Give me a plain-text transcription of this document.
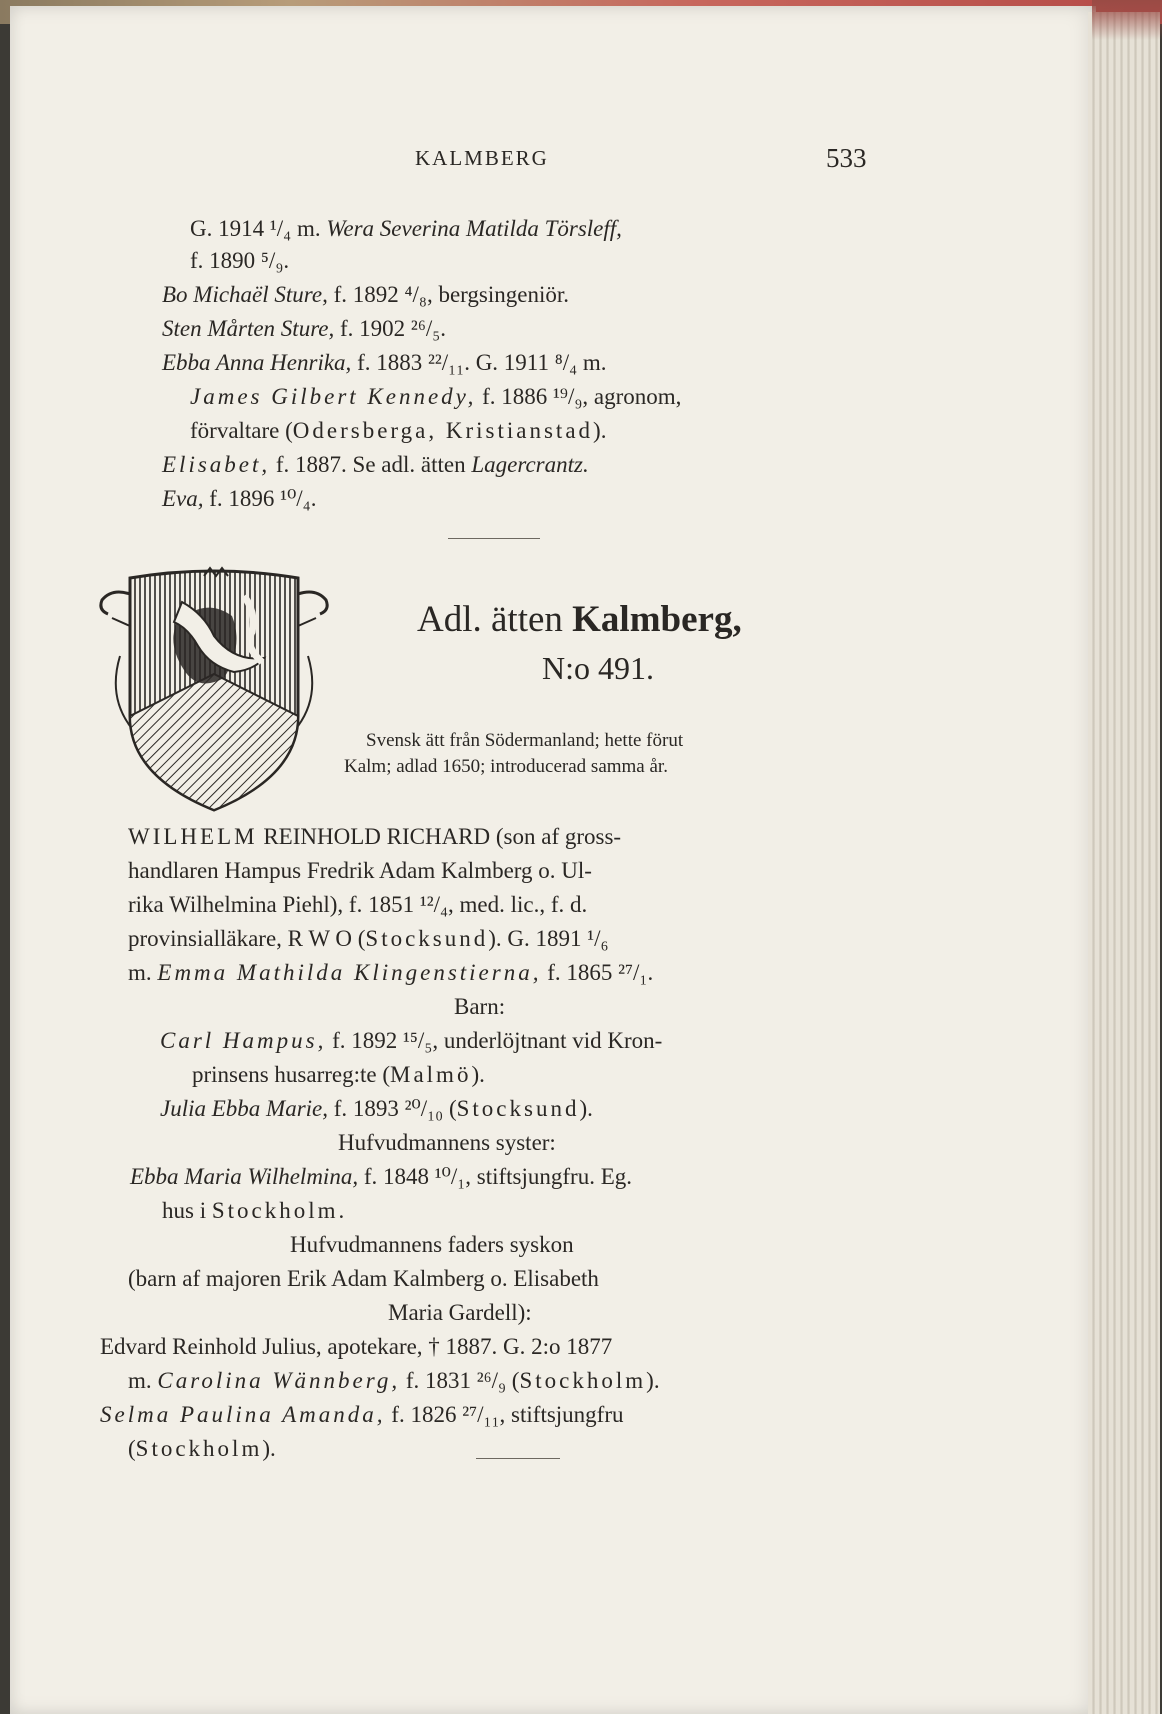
KALMBERG	533
G. 1914 ¹/₄ m. Wera Severina Matilda Törsleff,
f. 1890 ⁵/₉.
Bo Michaël Sture, f. 1892 ⁴/₈, bergsingeniör.
Sten Mårten Sture, f. 1902 ²⁶/₅.
Ebba Anna Henrika, f. 1883 ²²/₁₁. G. 1911 ⁸/₄ m.
James Gilbert Kennedy, f. 1886 ¹⁹/₉, agronom,
förvaltare (Odersberga, Kristianstad).
Elisabet, f. 1887. Se adl. ätten Lagercrantz.
Eva, f. 1896 ¹⁰/₄.
Adl. ätten Kalmberg,
N:o 491.
Svensk ätt från Södermanland; hette förut
Kalm; adlad 1650; introducerad samma år.
WILHELM REINHOLD RICHARD (son af gross-
handlaren Hampus Fredrik Adam Kalmberg o. Ul-
rika Wilhelmina Piehl), f. 1851 ¹²/₄, med. lic., f. d.
provinsialläkare, R W O (Stocksund). G. 1891 ¹/₆
m. Emma Mathilda Klingenstierna, f. 1865 ²⁷/₁.
Barn:
Carl Hampus, f. 1892 ¹⁵/₅, underlöjtnant vid Kron-
prinsens husarreg:te (Malmö).
Julia Ebba Marie, f. 1893 ²⁰/₁₀ (Stocksund).
Hufvudmannens syster:
Ebba Maria Wilhelmina, f. 1848 ¹⁰/₁, stiftsjungfru. Eg.
hus i Stockholm.
Hufvudmannens faders syskon
(barn af majoren Erik Adam Kalmberg o. Elisabeth
Maria Gardell):
Edvard Reinhold Julius, apotekare, † 1887. G. 2:o 1877
m. Carolina Wännberg, f. 1831 ²⁶/₉ (Stockholm).
Selma Paulina Amanda, f. 1826 ²⁷/₁₁, stiftsjungfru
(Stockholm).
